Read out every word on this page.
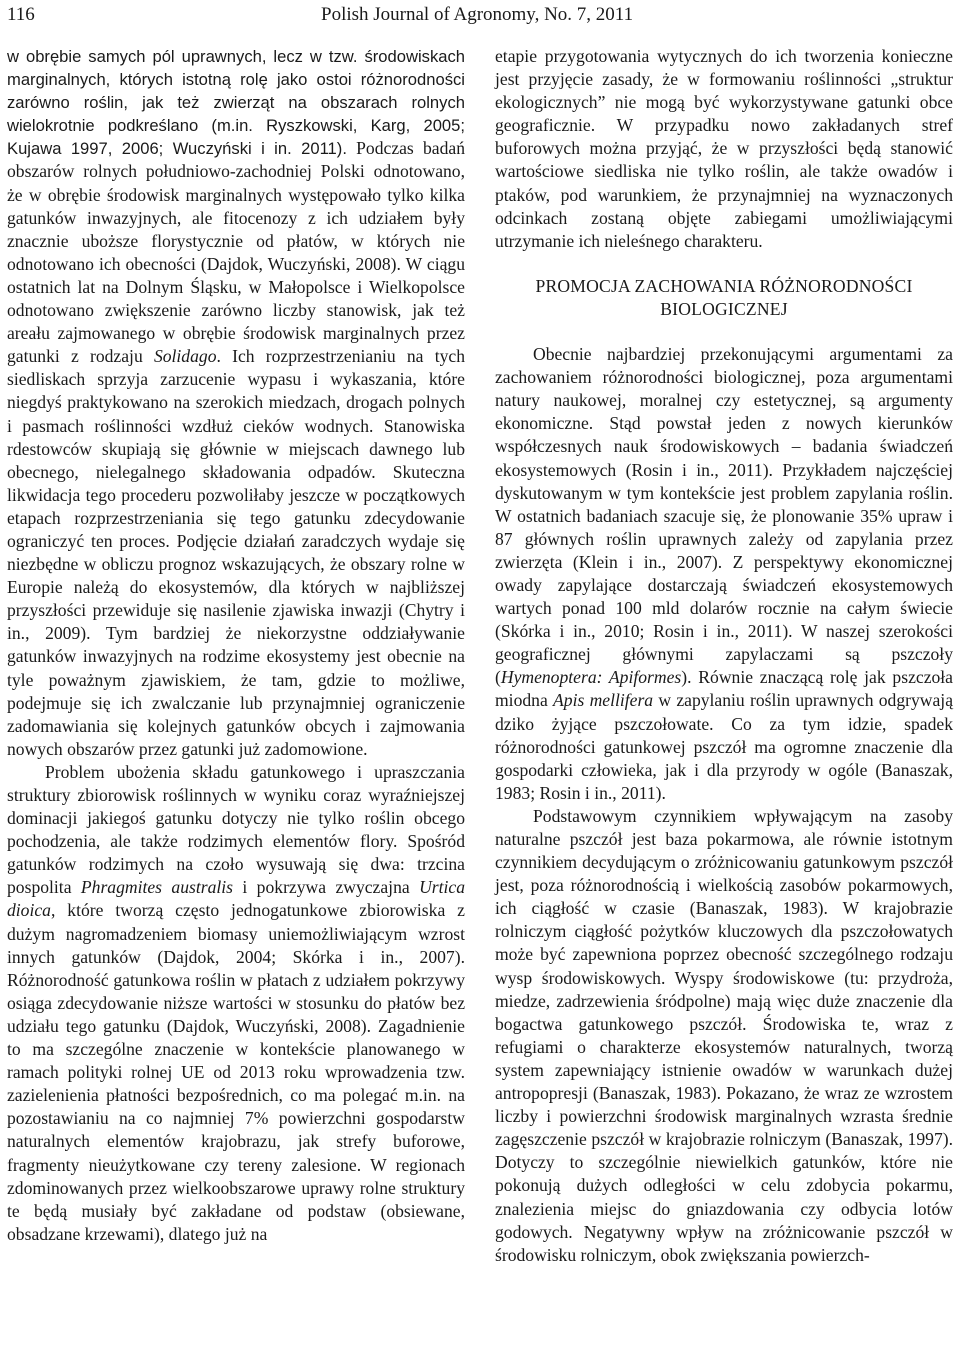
116	Polish Journal of Agronomy, No. 7, 2011

w obrębie samych pól uprawnych, lecz w tzw. środowiskach marginalnych, których istotną rolę jako ostoi różnorodności zarówno roślin, jak też zwierząt na obszarach rolnych wielokrotnie podkreślano (m.in. Ryszkowski, Karg, 2005; Kujawa 1997, 2006; Wuczyński i in. 2011). Podczas badań obszarów rolnych południowo-zachodniej Polski odnotowano, że w obrębie środowisk marginalnych występowało tylko kilka gatunków inwazyjnych, ale fitocenozy z ich udziałem były znacznie uboższe florystycznie od płatów, w których nie odnotowano ich obecności (Dajdok, Wuczyński, 2008). W ciągu ostatnich lat na Dolnym Śląsku, w Małopolsce i Wielkopolsce odnotowano zwiększenie zarówno liczby stanowisk, jak też areału zajmowanego w obrębie środowisk marginalnych przez gatunki z rodzaju Solidago. Ich rozprzestrzenianiu na tych siedliskach sprzyja zarzucenie wypasu i wykaszania, które niegdyś praktykowano na szerokich miedzach, drogach polnych i pasmach roślinności wzdłuż cieków wodnych. Stanowiska rdestowców skupiają się głównie w miejscach dawnego lub obecnego, nielegalnego składowania odpadów. Skuteczna likwidacja tego procederu pozwoliłaby jeszcze w początkowych etapach rozprzestrzeniania się tego gatunku zdecydowanie ograniczyć ten proces. Podjęcie działań zaradczych wydaje się niezbędne w obliczu prognoz wskazujących, że obszary rolne w Europie należą do ekosystemów, dla których w najbliższej przyszłości przewiduje się nasilenie zjawiska inwazji (Chytry i in., 2009). Tym bardziej że niekorzystne oddziaływanie gatunków inwazyjnych na rodzime ekosystemy jest obecnie na tyle poważnym zjawiskiem, że tam, gdzie to możliwe, podejmuje się ich zwalczanie lub przynajmniej ograniczenie zadomawiania się kolejnych gatunków obcych i zajmowania nowych obszarów przez gatunki już zadomowione.

Problem ubożenia składu gatunkowego i upraszczania struktury zbiorowisk roślinnych w wyniku coraz wyraźniejszej dominacji jakiegoś gatunku dotyczy nie tylko roślin obcego pochodzenia, ale także rodzimych elementów flory. Spośród gatunków rodzimych na czoło wysuwają się dwa: trzcina pospolita Phragmites australis i pokrzywa zwyczajna Urtica dioica, które tworzą często jednogatunkowe zbiorowiska z dużym nagromadzeniem biomasy uniemożliwiającym wzrost innych gatunków (Dajdok, 2004; Skórka i in., 2007). Różnorodność gatunkowa roślin w płatach z udziałem pokrzywy osiąga zdecydowanie niższe wartości w stosunku do płatów bez udziału tego gatunku (Dajdok, Wuczyński, 2008). Zagadnienie to ma szczególne znaczenie w kontekście planowanego w ramach polityki rolnej UE od 2013 roku wprowadzenia tzw. zazielenienia płatności bezpośrednich, co ma polegać m.in. na pozostawianiu na co najmniej 7% powierzchni gospodarstw naturalnych elementów krajobrazu, jak strefy buforowe, fragmenty nieużytkowane czy tereny zalesione. W regionach zdominowanych przez wielkoobszarowe uprawy rolne struktury te będą musiały być zakładane od podstaw (obsiewane, obsadzane krzewami), dlatego już na

etapie przygotowania wytycznych do ich tworzenia konieczne jest przyjęcie zasady, że w formowaniu roślinności „struktur ekologicznych” nie mogą być wykorzystywane gatunki obce geograficznie. W przypadku nowo zakładanych stref buforowych można przyjąć, że w przyszłości będą stanowić wartościowe siedliska nie tylko roślin, ale także owadów i ptaków, pod warunkiem, że przynajmniej na wyznaczonych odcinkach zostaną objęte zabiegami umożliwiającymi utrzymanie ich nieleśnego charakteru.

PROMOCJA ZACHOWANIA RÓŻNORODNOŚCI
BIOLOGICZNEJ

Obecnie najbardziej przekonującymi argumentami za zachowaniem różnorodności biologicznej, poza argumentami natury naukowej, moralnej czy estetycznej, są argumenty ekonomiczne. Stąd powstał jeden z nowych kierunków współczesnych nauk środowiskowych – badania świadczeń ekosystemowych (Rosin i in., 2011). Przykładem najczęściej dyskutowanym w tym kontekście jest problem zapylania roślin. W ostatnich badaniach szacuje się, że plonowanie 35% upraw i 87 głównych roślin uprawnych zależy od zapylania przez zwierzęta (Klein i in., 2007). Z perspektywy ekonomicznej owady zapylające dostarczają świadczeń ekosystemowych wartych ponad 100 mld dolarów rocznie na całym świecie (Skórka i in., 2010; Rosin i in., 2011). W naszej szerokości geograficznej głównymi zapylaczami są pszczoły (Hymenoptera: Apiformes). Równie znaczącą rolę jak pszczoła miodna Apis mellifera w zapylaniu roślin uprawnych odgrywają dziko żyjące pszczołowate. Co za tym idzie, spadek różnorodności gatunkowej pszczół ma ogromne znaczenie dla gospodarki człowieka, jak i dla przyrody w ogóle (Banaszak, 1983; Rosin i in., 2011).

Podstawowym czynnikiem wpływającym na zasoby naturalne pszczół jest baza pokarmowa, ale równie istotnym czynnikiem decydującym o zróżnicowaniu gatunkowym pszczół jest, poza różnorodnością i wielkością zasobów pokarmowych, ich ciągłość w czasie (Banaszak, 1983). W krajobrazie rolniczym ciągłość pożytków kluczowych dla pszczołowatych może być zapewniona poprzez obecność szczególnego rodzaju wysp środowiskowych. Wyspy środowiskowe (tu: przydroża, miedze, zadrzewienia śródpolne) mają więc duże znaczenie dla bogactwa gatunkowego pszczół. Środowiska te, wraz z refugiami o charakterze ekosystemów naturalnych, tworzą system zapewniający istnienie owadów w warunkach dużej antropopresji (Banaszak, 1983). Pokazano, że wraz ze wzrostem liczby i powierzchni środowisk marginalnych wzrasta średnie zagęszczenie pszczół w krajobrazie rolniczym (Banaszak, 1997). Dotyczy to szczególnie niewielkich gatunków, które nie pokonują dużych odległości w celu zdobycia pokarmu, znalezienia miejsc do gniazdowania czy odbycia lotów godowych. Negatywny wpływ na zróżnicowanie pszczół w środowisku rolniczym, obok zwiększania powierzch-
